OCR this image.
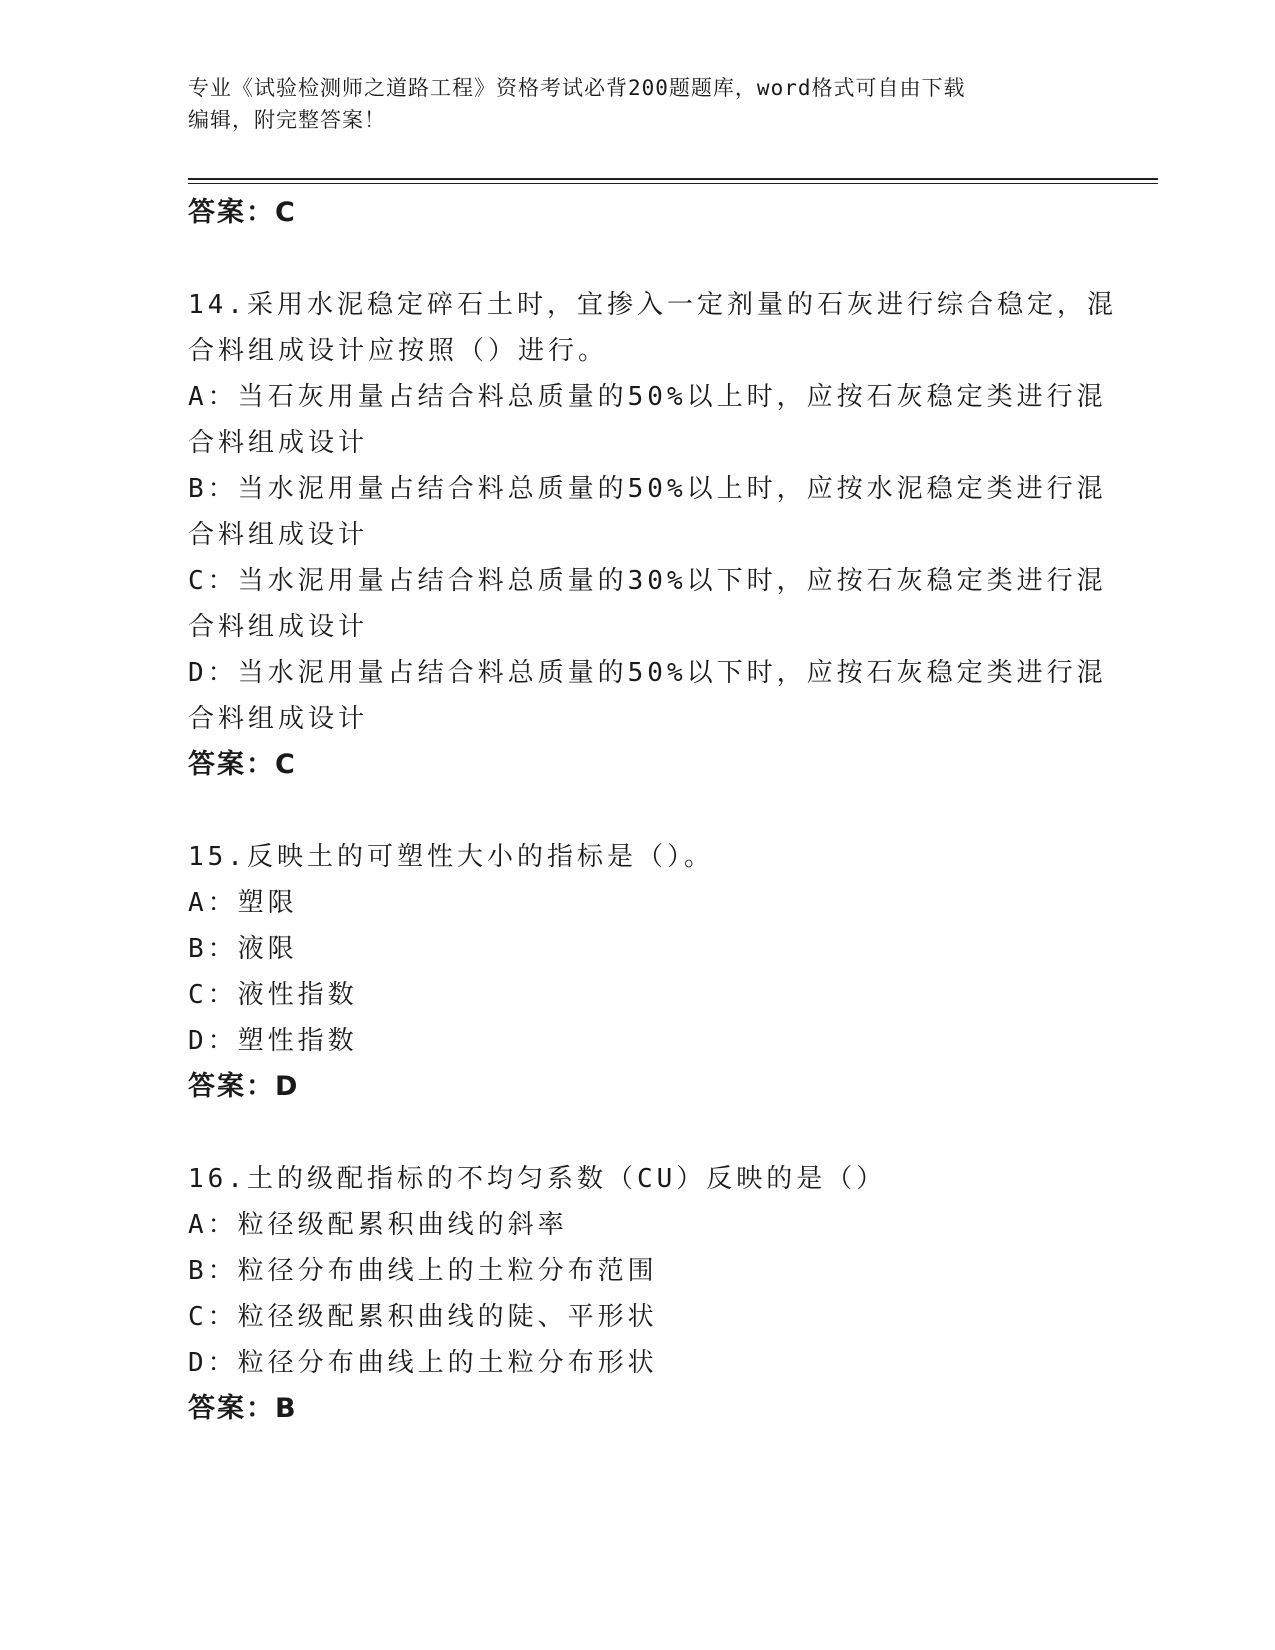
专业《试验检测师之道路工程》资格考试必背200题题库，word格式可自由下载
编辑，附完整答案！
答案：C
14.采用水泥稳定碎石土时，宜掺入一定剂量的石灰进行综合稳定，混
合料组成设计应按照（）进行。
A：当石灰用量占结合料总质量的50%以上时，应按石灰稳定类进行混
合料组成设计
B：当水泥用量占结合料总质量的50%以上时，应按水泥稳定类进行混
合料组成设计
C：当水泥用量占结合料总质量的30%以下时，应按石灰稳定类进行混
合料组成设计
D：当水泥用量占结合料总质量的50%以下时，应按石灰稳定类进行混
合料组成设计
答案：C
15.反映土的可塑性大小的指标是（）。
A：塑限
B：液限
C：液性指数
D：塑性指数
答案：D
16.土的级配指标的不均匀系数（CU）反映的是（）
A：粒径级配累积曲线的斜率
B：粒径分布曲线上的土粒分布范围
C：粒径级配累积曲线的陡、平形状
D：粒径分布曲线上的土粒分布形状
答案：B
